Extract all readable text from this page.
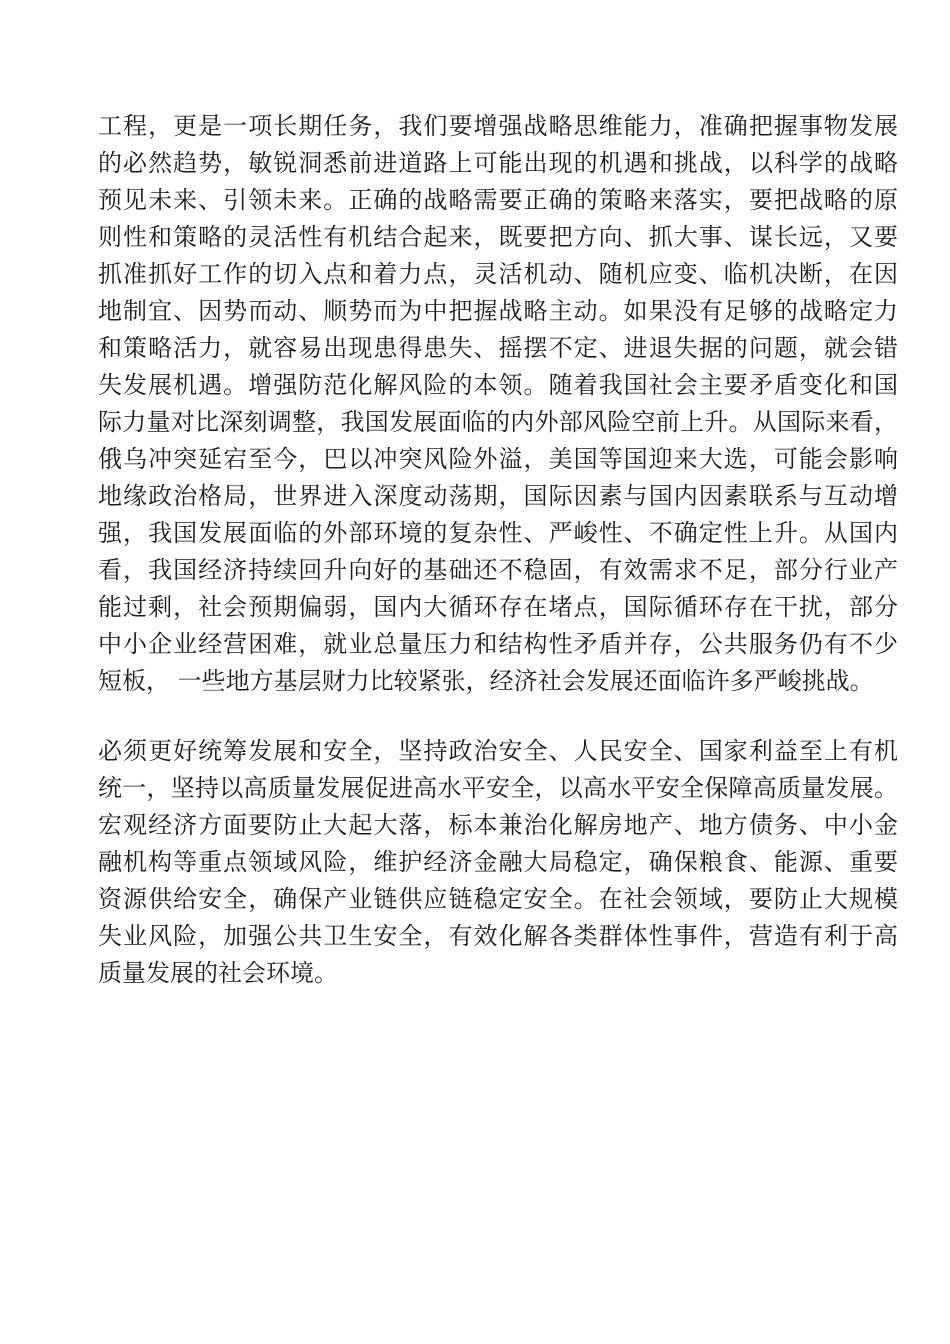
工程，更是一项长期任务，我们要增强战略思维能力，准确把握事物发展
的必然趋势，敏锐洞悉前进道路上可能出现的机遇和挑战，以科学的战略
预见未来、引领未来。正确的战略需要正确的策略来落实，要把战略的原
则性和策略的灵活性有机结合起来，既要把方向、抓大事、谋长远，又要
抓准抓好工作的切入点和着力点，灵活机动、随机应变、临机决断，在因
地制宜、因势而动、顺势而为中把握战略主动。如果没有足够的战略定力
和策略活力，就容易出现患得患失、摇摆不定、进退失据的问题，就会错
失发展机遇。增强防范化解风险的本领。随着我国社会主要矛盾变化和国
际力量对比深刻调整，我国发展面临的内外部风险空前上升。从国际来看，
俄乌冲突延宕至今，巴以冲突风险外溢，美国等国迎来大选，可能会影响
地缘政治格局，世界进入深度动荡期，国际因素与国内因素联系与互动增
强，我国发展面临的外部环境的复杂性、严峻性、不确定性上升。从国内
看，我国经济持续回升向好的基础还不稳固，有效需求不足，部分行业产
能过剩，社会预期偏弱，国内大循环存在堵点，国际循环存在干扰，部分
中小企业经营困难，就业总量压力和结构性矛盾并存，公共服务仍有不少
短板， 一些地方基层财力比较紧张，经济社会发展还面临许多严峻挑战。
必须更好统筹发展和安全，坚持政治安全、人民安全、国家利益至上有机
统一，坚持以高质量发展促进高水平安全，以高水平安全保障高质量发展。
宏观经济方面要防止大起大落，标本兼治化解房地产、地方债务、中小金
融机构等重点领域风险，维护经济金融大局稳定，确保粮食、能源、重要
资源供给安全，确保产业链供应链稳定安全。在社会领域，要防止大规模
失业风险，加强公共卫生安全，有效化解各类群体性事件，营造有利于高
质量发展的社会环境。
